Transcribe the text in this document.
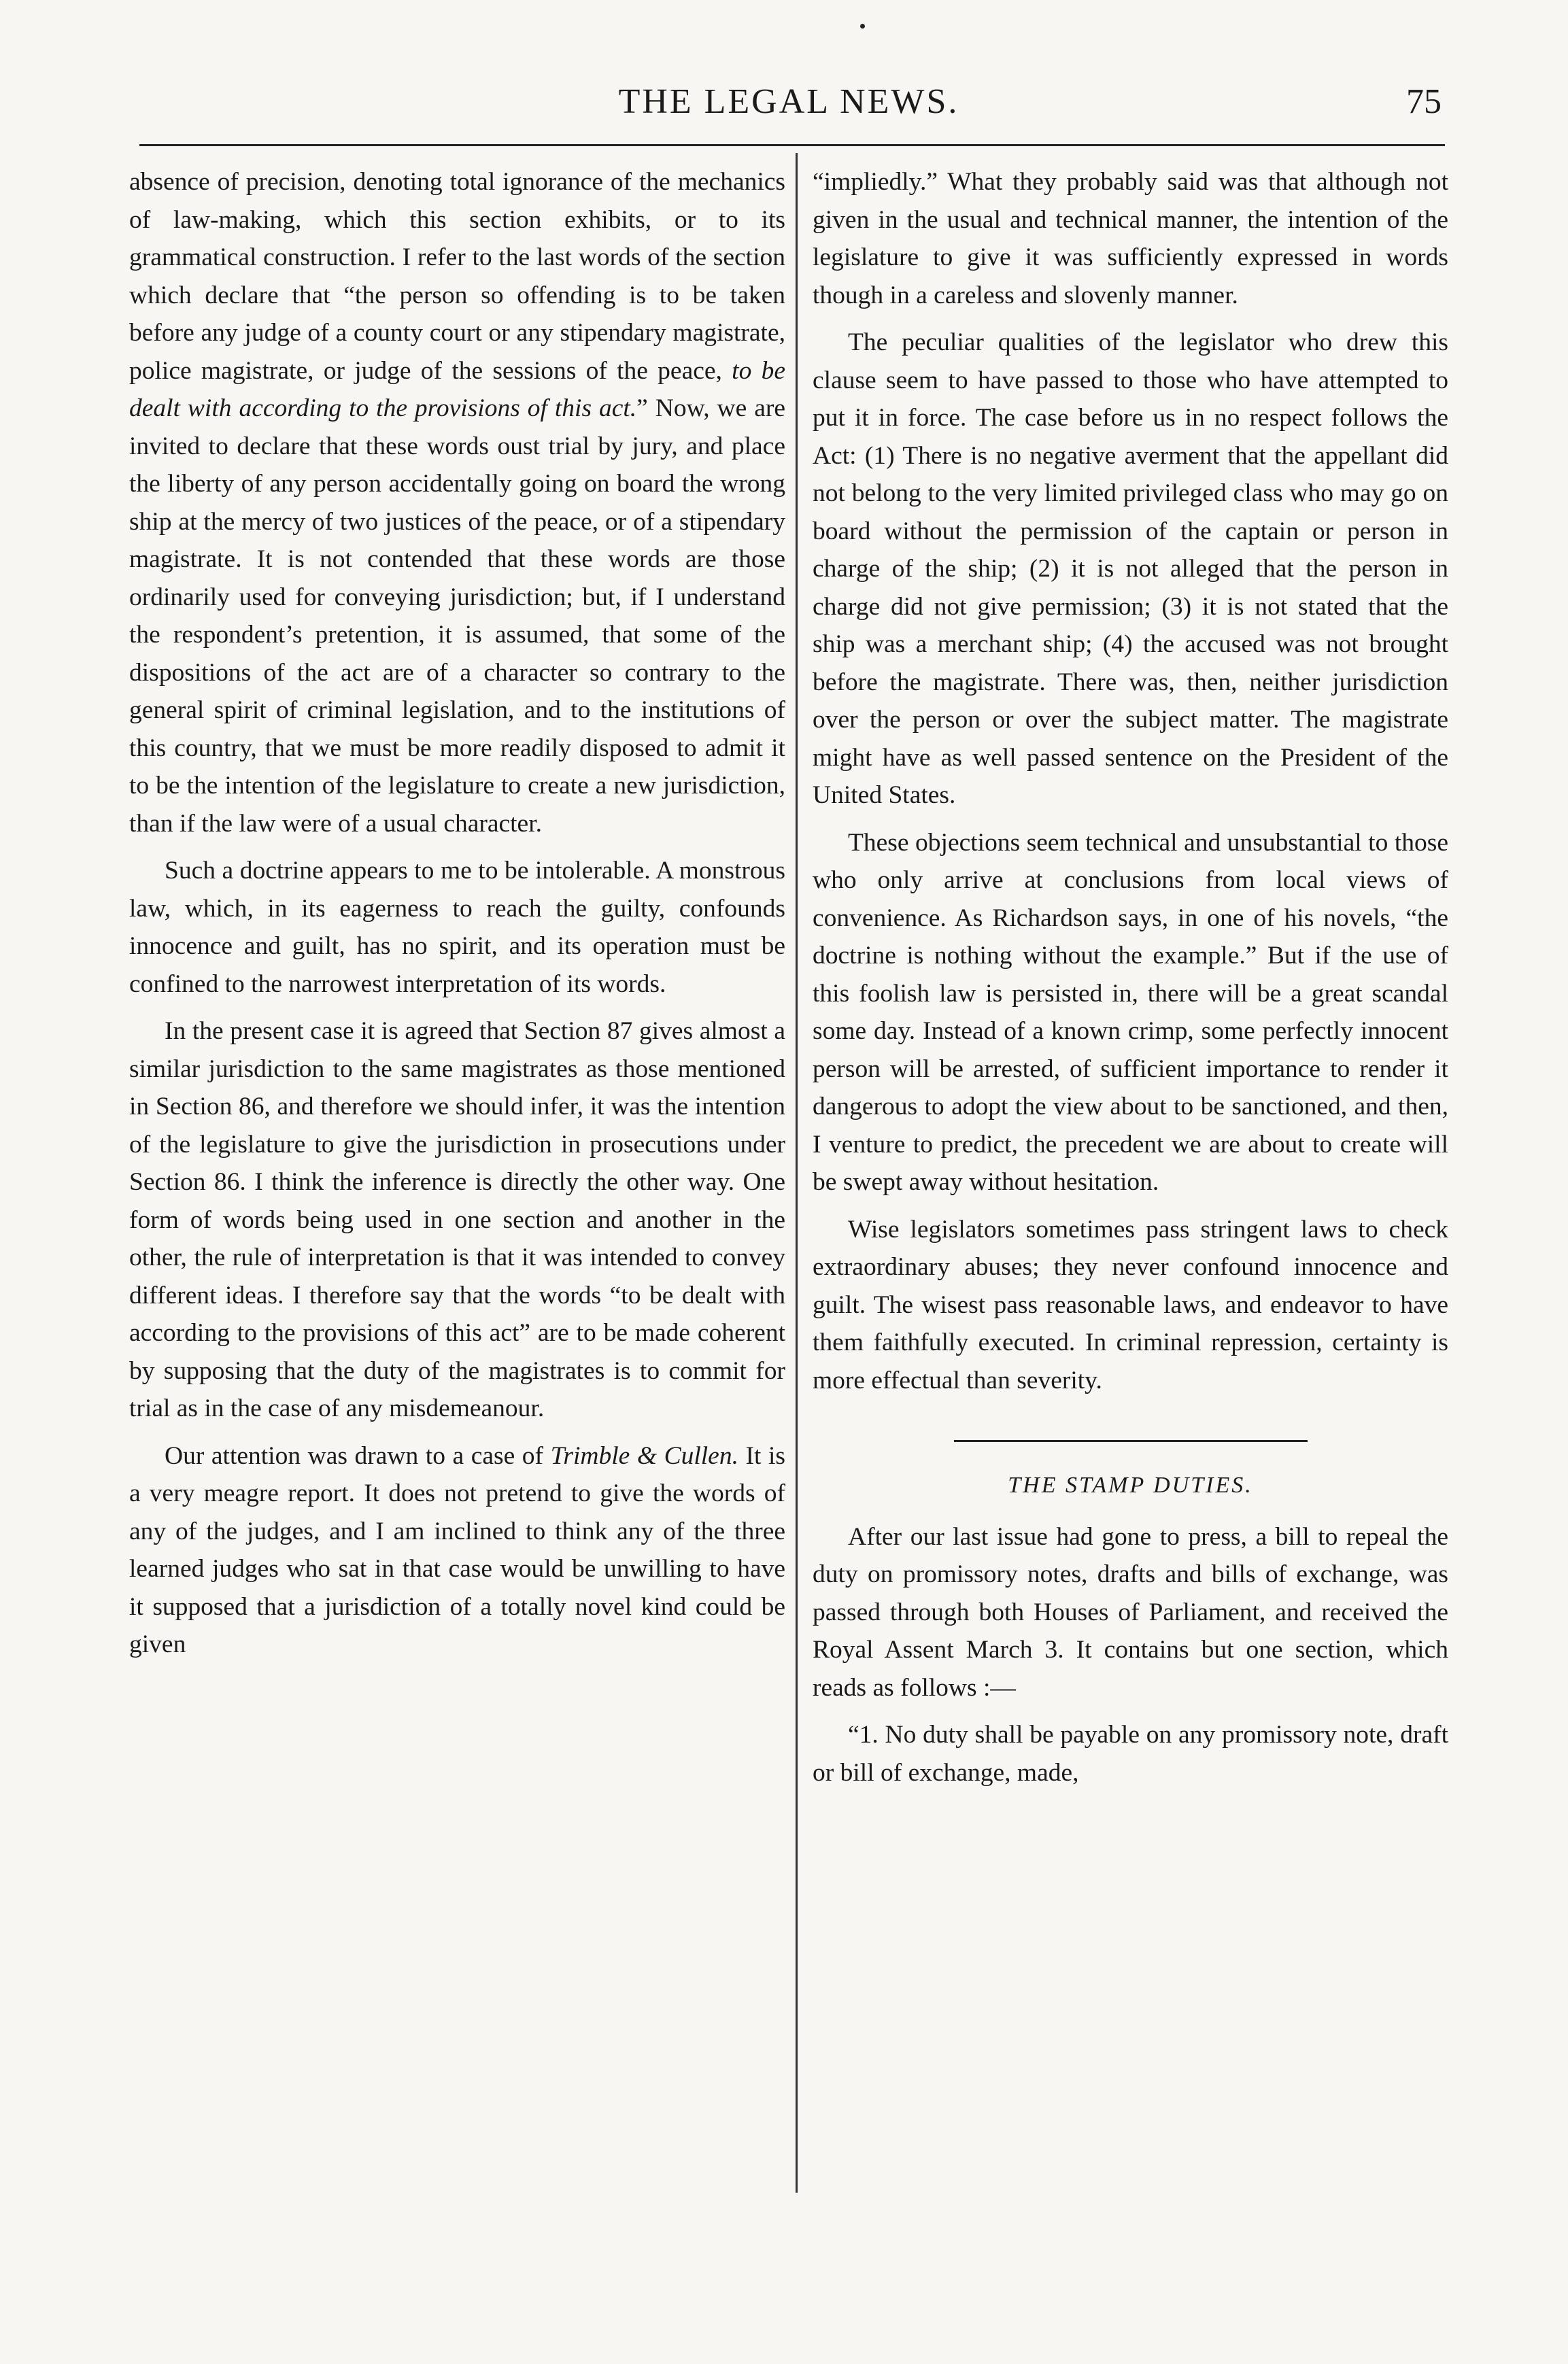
THE LEGAL NEWS.	75

absence of precision, denoting total ignorance of the mechanics of law-making, which this section exhibits, or to its grammatical construction. I refer to the last words of the section which declare that “the person so offending is to be taken before any judge of a county court or any stipendary magistrate, police magistrate, or judge of the sessions of the peace, to be dealt with according to the provisions of this act.” Now, we are invited to declare that these words oust trial by jury, and place the liberty of any person accidentally going on board the wrong ship at the mercy of two justices of the peace, or of a stipendary magistrate. It is not contended that these words are those ordinarily used for conveying jurisdiction; but, if I understand the respondent’s pretention, it is assumed, that some of the dispositions of the act are of a character so contrary to the general spirit of criminal legislation, and to the institutions of this country, that we must be more readily disposed to admit it to be the intention of the legislature to create a new jurisdiction, than if the law were of a usual character.

Such a doctrine appears to me to be intolerable. A monstrous law, which, in its eagerness to reach the guilty, confounds innocence and guilt, has no spirit, and its operation must be confined to the narrowest interpretation of its words.

In the present case it is agreed that Section 87 gives almost a similar jurisdiction to the same magistrates as those mentioned in Section 86, and therefore we should infer, it was the intention of the legislature to give the jurisdiction in prosecutions under Section 86. I think the inference is directly the other way. One form of words being used in one section and another in the other, the rule of interpretation is that it was intended to convey different ideas. I therefore say that the words “to be dealt with according to the provisions of this act” are to be made coherent by supposing that the duty of the magistrates is to commit for trial as in the case of any misdemeanour.

Our attention was drawn to a case of Trimble & Cullen. It is a very meagre report. It does not pretend to give the words of any of the judges, and I am inclined to think any of the three learned judges who sat in that case would be unwilling to have it supposed that a jurisdiction of a totally novel kind could be given

“impliedly.” What they probably said was that although not given in the usual and technical manner, the intention of the legislature to give it was sufficiently expressed in words though in a careless and slovenly manner.

The peculiar qualities of the legislator who drew this clause seem to have passed to those who have attempted to put it in force. The case before us in no respect follows the Act: (1) There is no negative averment that the appellant did not belong to the very limited privileged class who may go on board without the permission of the captain or person in charge of the ship; (2) it is not alleged that the person in charge did not give permission; (3) it is not stated that the ship was a merchant ship; (4) the accused was not brought before the magistrate. There was, then, neither jurisdiction over the person or over the subject matter. The magistrate might have as well passed sentence on the President of the United States.

These objections seem technical and unsubstantial to those who only arrive at conclusions from local views of convenience. As Richardson says, in one of his novels, “the doctrine is nothing without the example.” But if the use of this foolish law is persisted in, there will be a great scandal some day. Instead of a known crimp, some perfectly innocent person will be arrested, of sufficient importance to render it dangerous to adopt the view about to be sanctioned, and then, I venture to predict, the precedent we are about to create will be swept away without hesitation.

Wise legislators sometimes pass stringent laws to check extraordinary abuses; they never confound innocence and guilt. The wisest pass reasonable laws, and endeavor to have them faithfully executed. In criminal repression, certainty is more effectual than severity.

THE STAMP DUTIES.

After our last issue had gone to press, a bill to repeal the duty on promissory notes, drafts and bills of exchange, was passed through both Houses of Parliament, and received the Royal Assent March 3. It contains but one section, which reads as follows :—

“1. No duty shall be payable on any promissory note, draft or bill of exchange, made,
